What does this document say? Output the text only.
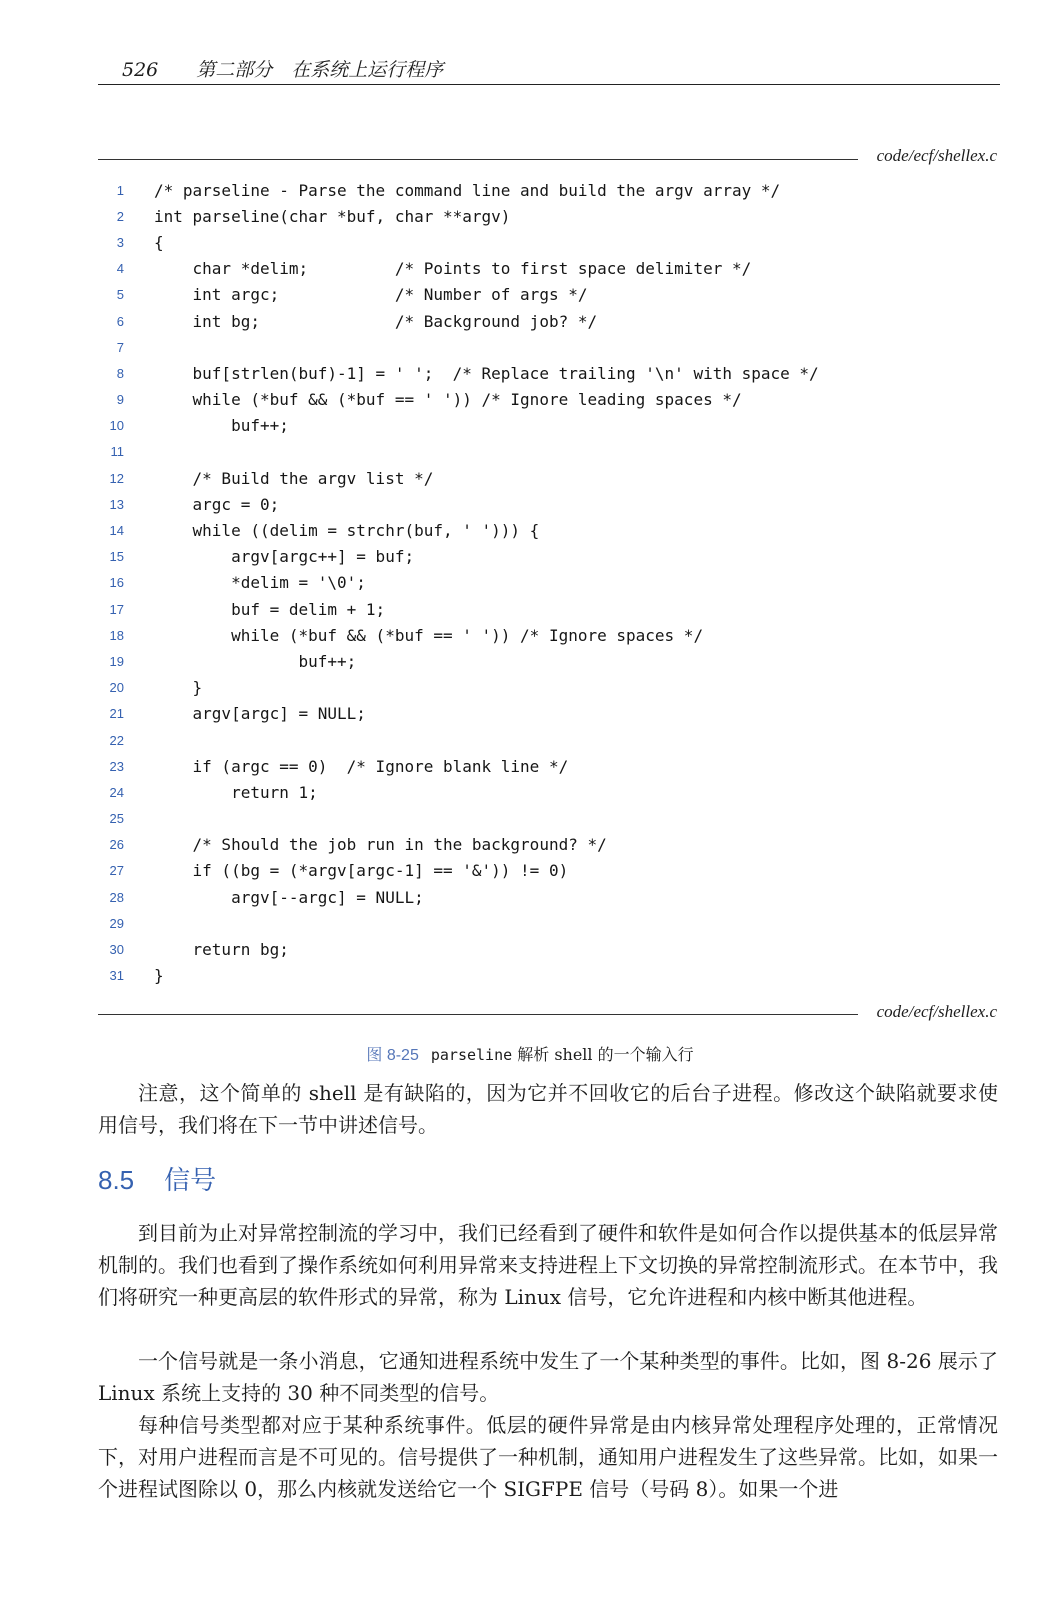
526 第二部分　在系统上运行程序
code/ecf/shellex.c
1 /* parseline - Parse the command line and build the argv array */
2 int parseline(char *buf, char **argv)
3 {
4 char *delim;         /* Points to first space delimiter */
5 int argc;            /* Number of args */
6 int bg;              /* Background job? */
7
8 buf[strlen(buf)-1] = ' ';  /* Replace trailing '\n' with space */
9 while (*buf && (*buf == ' ')) /* Ignore leading spaces */
10 buf++;
11
12 /* Build the argv list */
13 argc = 0;
14 while ((delim = strchr(buf, ' '))) {
15 argv[argc++] = buf;
16 *delim = '\0';
17 buf = delim + 1;
18 while (*buf && (*buf == ' ')) /* Ignore spaces */
19 buf++;
20 }
21 argv[argc] = NULL;
22
23 if (argc == 0)  /* Ignore blank line */
24 return 1;
25
26 /* Should the job run in the background? */
27 if ((bg = (*argv[argc-1] == '&')) != 0)
28 argv[--argc] = NULL;
29
30 return bg;
31 }
code/ecf/shellex.c
图 8-25 parseline 解析 shell 的一个输入行
注意，这个简单的 shell 是有缺陷的，因为它并不回收它的后台子进程。修改这个缺陷就要求使用信号，我们将在下一节中讲述信号。
8.5 信号
到目前为止对异常控制流的学习中，我们已经看到了硬件和软件是如何合作以提供基本的低层异常机制的。我们也看到了操作系统如何利用异常来支持进程上下文切换的异常控制流形式。在本节中，我们将研究一种更高层的软件形式的异常，称为 Linux 信号，它允许进程和内核中断其他进程。
一个信号就是一条小消息，它通知进程系统中发生了一个某种类型的事件。比如，图 8-26 展示了 Linux 系统上支持的 30 种不同类型的信号。
每种信号类型都对应于某种系统事件。低层的硬件异常是由内核异常处理程序处理的，正常情况下，对用户进程而言是不可见的。信号提供了一种机制，通知用户进程发生了这些异常。比如，如果一个进程试图除以 0，那么内核就发送给它一个 SIGFPE 信号（号码 8）。如果一个进
